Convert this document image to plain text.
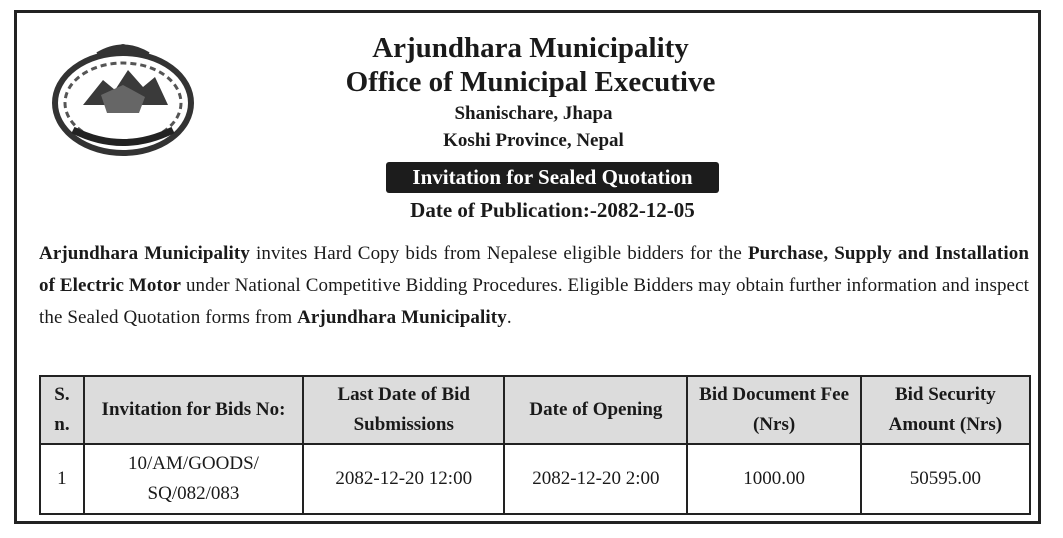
Arjundhara Municipality
Office of Municipal Executive
Shanischare, Jhapa
Koshi Province, Nepal
Invitation for Sealed Quotation
Date of Publication:-2082-12-05
Arjundhara Municipality invites Hard Copy bids from Nepalese eligible bidders for the Purchase, Supply and Installation of Electric Motor under National Competitive Bidding Procedures. Eligible Bidders may obtain further information and inspect the Sealed Quotation forms from Arjundhara Municipality.
S. n.	Invitation for Bids No:	Last Date of Bid Submissions	Date of Opening	Bid Document Fee (Nrs)	Bid Security Amount (Nrs)
1	10/AM/GOODS/ SQ/082/083	2082-12-20 12:00	2082-12-20 2:00	1000.00	50595.00
